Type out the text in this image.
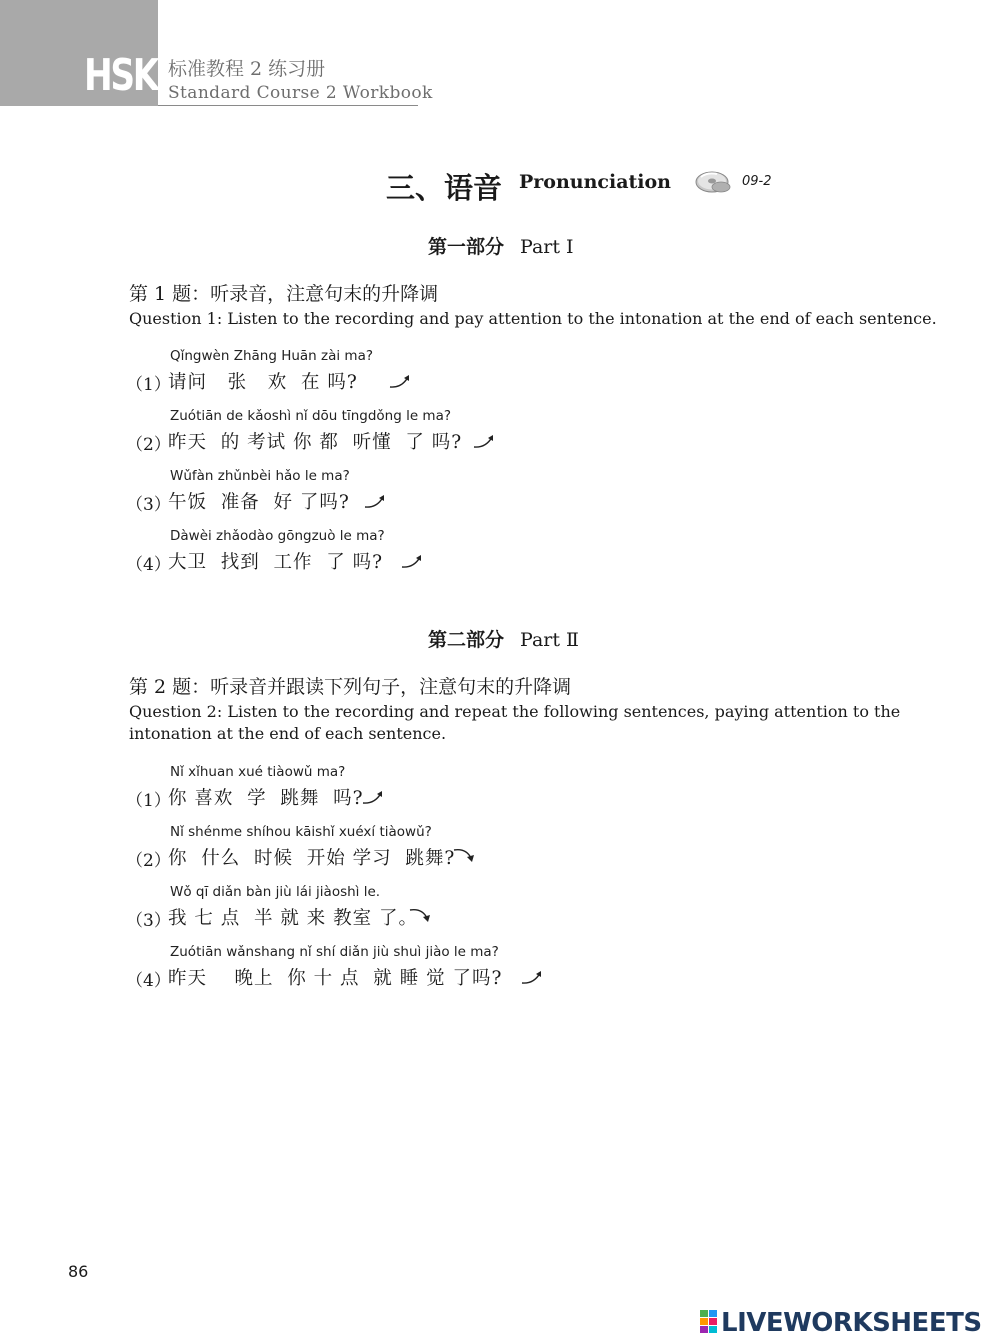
HSK 标准教程 2 练习册
Standard Course 2 Workbook
三、语音 Pronunciation	09-2
第一部分 Part Ⅰ
第 1 题：听录音，注意句末的升降调
Question 1: Listen to the recording and pay attention to the intonation at the end of each sentence.
Qǐngwèn Zhāng Huān zài ma?
（1）
请问   张   欢  在 吗?
Zuótiān de kǎoshì nǐ dōu tīngdǒng le ma?
（2）
昨天  的 考试 你 都  听懂  了 吗?
Wǔfàn zhǔnbèi hǎo le ma?
（3）
午饭  准备  好 了吗?
Dàwèi zhǎodào gōngzuò le ma?
（4）
大卫  找到  工作  了 吗?
第二部分 Part Ⅱ
第 2 题：听录音并跟读下列句子，注意句末的升降调
Question 2: Listen to the recording and repeat the following sentences, paying attention to the
intonation at the end of each sentence.
Nǐ xǐhuan xué tiàowǔ ma?
（1）
你 喜欢  学  跳舞  吗?
Nǐ shénme shíhou kāishǐ xuéxí tiàowǔ?
（2）
你  什么  时候  开始 学习  跳舞?
Wǒ qī diǎn bàn jiù lái jiàoshì le.
（3）
我 七 点  半 就 来 教室 了。
Zuótiān wǎnshang nǐ shí diǎn jiù shuì jiào le ma?
（4）
昨天    晚上  你 十 点  就 睡 觉 了吗?
86
LIVEWORKSHEETS
